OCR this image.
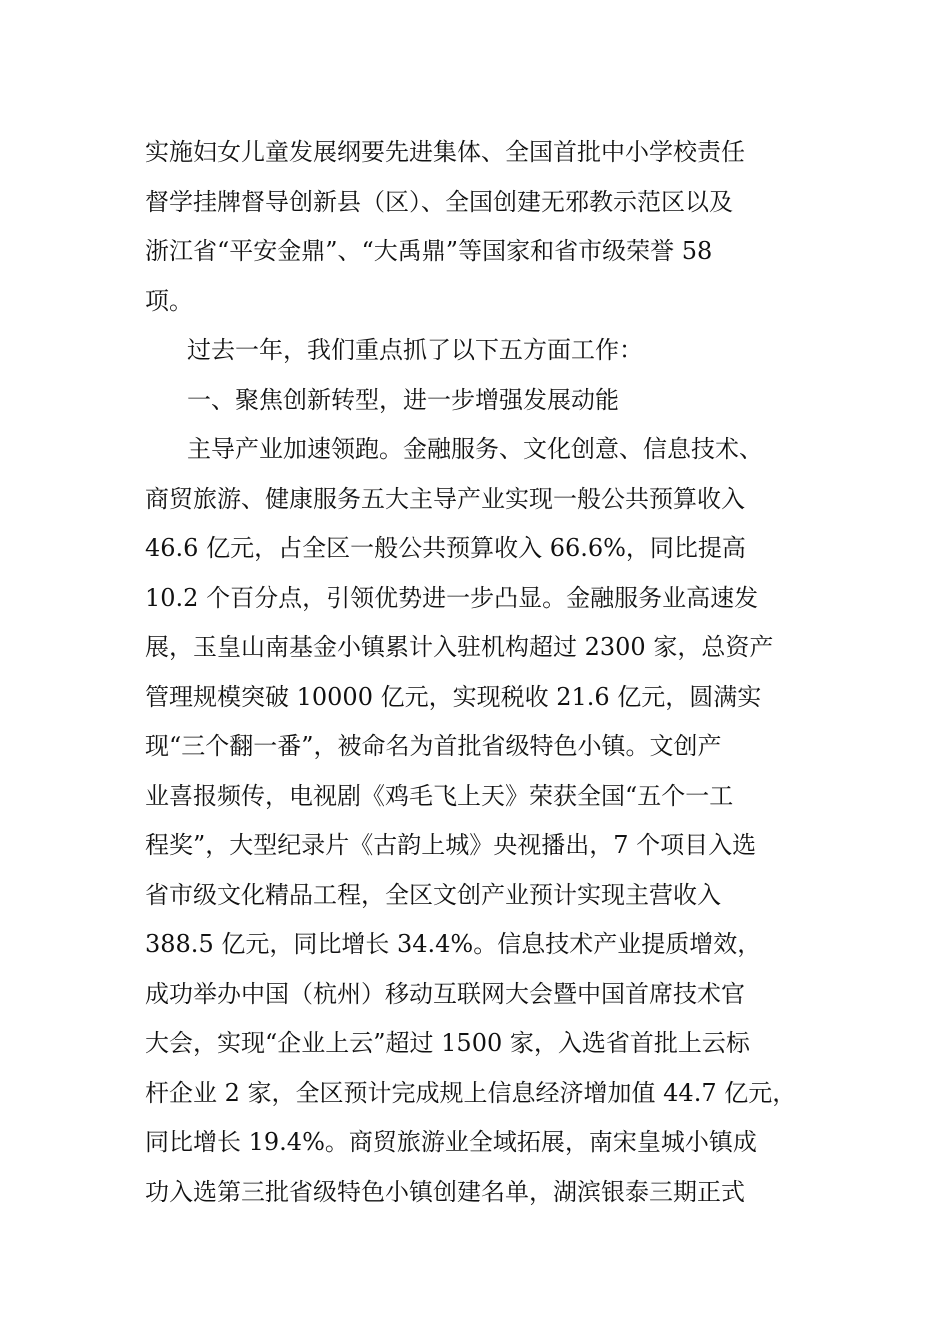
实施妇女儿童发展纲要先进集体、全国首批中小学校责任
督学挂牌督导创新县（区）、全国创建无邪教示范区以及
浙江省“平安金鼎”、“大禹鼎”等国家和省市级荣誉 58
项。
过去一年，我们重点抓了以下五方面工作：
一、聚焦创新转型，进一步增强发展动能
主导产业加速领跑。金融服务、文化创意、信息技术、
商贸旅游、健康服务五大主导产业实现一般公共预算收入
46.6 亿元，占全区一般公共预算收入 66.6%，同比提高
10.2 个百分点，引领优势进一步凸显。金融服务业高速发
展，玉皇山南基金小镇累计入驻机构超过 2300 家，总资产
管理规模突破 10000 亿元，实现税收 21.6 亿元，圆满实
现“三个翻一番”，被命名为首批省级特色小镇。文创产
业喜报频传，电视剧《鸡毛飞上天》荣获全国“五个一工
程奖”，大型纪录片《古韵上城》央视播出，7 个项目入选
省市级文化精品工程，全区文创产业预计实现主营收入
388.5 亿元，同比增长 34.4%。信息技术产业提质增效，
成功举办中国（杭州）移动互联网大会暨中国首席技术官
大会，实现“企业上云”超过 1500 家，入选省首批上云标
杆企业 2 家，全区预计完成规上信息经济增加值 44.7 亿元，
同比增长 19.4%。商贸旅游业全域拓展，南宋皇城小镇成
功入选第三批省级特色小镇创建名单，湖滨银泰三期正式
